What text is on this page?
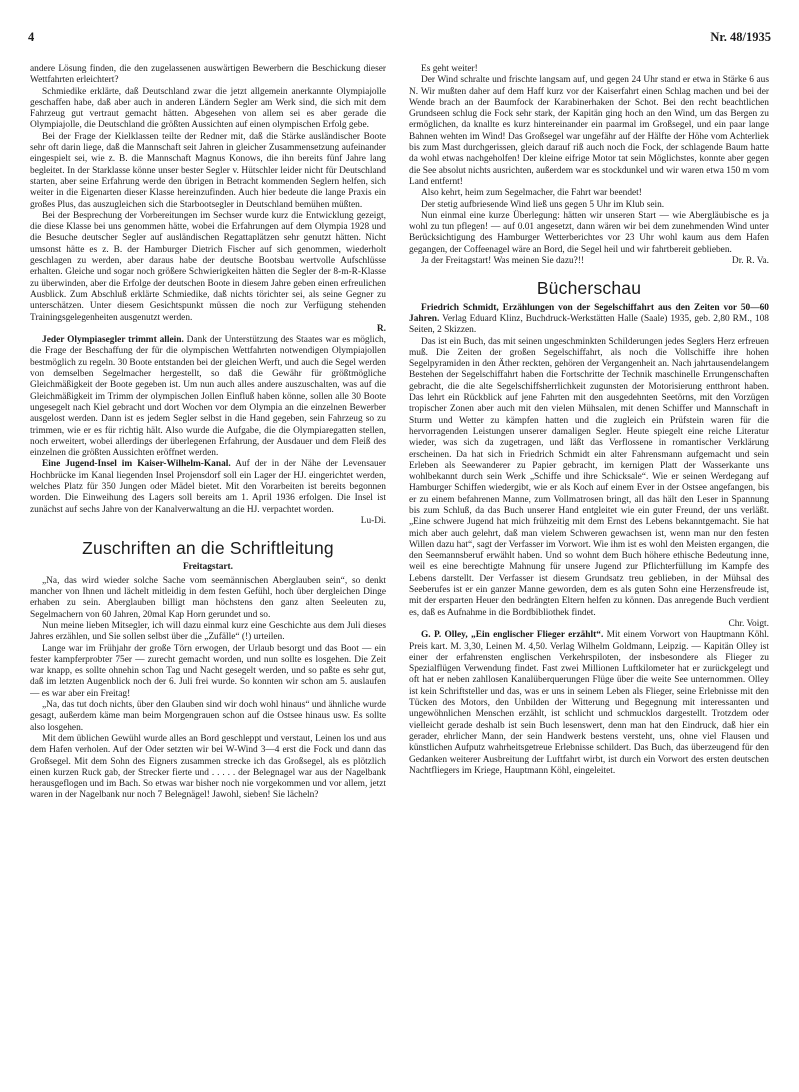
4	Nr. 48/1935

andere Lösung finden, die den zugelassenen auswärtigen Bewerbern die Beschickung dieser Wettfahrten erleichtert?

Schmiedike erklärte, daß Deutschland zwar die jetzt allgemein anerkannte Olympiajolle geschaffen habe, daß aber auch in anderen Ländern Segler am Werk sind, die sich mit dem Fahrzeug gut vertraut gemacht hätten. Abgesehen von allem sei es aber gerade die Olympiajolle, die Deutschland die größten Aussichten auf einen olympischen Erfolg gebe.

Bei der Frage der Kielklassen teilte der Redner mit, daß die Stärke ausländischer Boote sehr oft darin liege, daß die Mannschaft seit Jahren in gleicher Zusammensetzung aufeinander eingespielt sei, wie z. B. die Mannschaft Magnus Konows, die ihn bereits fünf Jahre lang begleitet. In der Starklasse könne unser bester Segler v. Hütschler leider nicht für Deutschland starten, aber seine Erfahrung werde den übrigen in Betracht kommenden Seglern helfen, sich weiter in die Eigenarten dieser Klasse hereinzufinden. Auch hier bedeute die lange Praxis ein großes Plus, das auszugleichen sich die Starbootsegler in Deutschland bemühen müßten.

Bei der Besprechung der Vorbereitungen im Sechser wurde kurz die Entwicklung gezeigt, die diese Klasse bei uns genommen hätte, wobei die Erfahrungen auf dem Olympia 1928 und die Besuche deutscher Segler auf ausländischen Regattaplätzen sehr genutzt hätten. Nicht umsonst hätte es z. B. der Hamburger Dietrich Fischer auf sich genommen, wiederholt geschlagen zu werden, aber daraus habe der deutsche Bootsbau wertvolle Aufschlüsse erhalten. Gleiche und sogar noch größere Schwierigkeiten hätten die Segler der 8-m-R-Klasse zu überwinden, aber die Erfolge der deutschen Boote in diesem Jahre geben einen erfreulichen Ausblick. Zum Abschluß erklärte Schmiedike, daß nichts törichter sei, als seine Gegner zu unterschätzen. Unter diesem Gesichtspunkt müssen die noch zur Verfügung stehenden Trainingsgelegenheiten ausgenutzt werden.

R.

Jeder Olympiasegler trimmt allein. Dank der Unterstützung des Staates war es möglich, die Frage der Beschaffung der für die olympischen Wettfahrten notwendigen Olympiajollen bestmöglich zu regeln. 30 Boote entstanden bei der gleichen Werft, und auch die Segel werden von demselben Segelmacher hergestellt, so daß die Gewähr für größtmögliche Gleichmäßigkeit der Boote gegeben ist. Um nun auch alles andere auszuschalten, was auf die Gleichmäßigkeit im Trimm der olympischen Jollen Einfluß haben könne, sollen alle 30 Boote ungesegelt nach Kiel gebracht und dort Wochen vor dem Olympia an die einzelnen Bewerber ausgelost werden. Dann ist es jedem Segler selbst in die Hand gegeben, sein Fahrzeug so zu trimmen, wie er es für richtig hält. Also wurde die Aufgabe, die die Olympiaregatten stellen, noch erweitert, wobei allerdings der überlegenen Erfahrung, der Ausdauer und dem Fleiß des einzelnen die größten Aussichten eröffnet werden.

Eine Jugend-Insel im Kaiser-Wilhelm-Kanal. Auf der in der Nähe der Levensauer Hochbrücke im Kanal liegenden Insel Projensdorf soll ein Lager der HJ. eingerichtet werden, welches Platz für 350 Jungen oder Mädel bietet. Mit den Vorarbeiten ist bereits begonnen worden. Die Einweihung des Lagers soll bereits am 1. April 1936 erfolgen. Die Insel ist zunächst auf sechs Jahre von der Kanalverwaltung an die HJ. verpachtet worden.

Lu-Di.
Zuschriften an die Schriftleitung
Freitagstart.

„Na, das wird wieder solche Sache vom seemännischen Aberglauben sein“, so denkt mancher von Ihnen und lächelt mitleidig in dem festen Gefühl, hoch über dergleichen Dinge erhaben zu sein. Aberglauben billigt man höchstens den ganz alten Seeleuten zu, Segelmachern von 60 Jahren, 20mal Kap Horn gerundet und so.

Nun meine lieben Mitsegler, ich will dazu einmal kurz eine Geschichte aus dem Juli dieses Jahres erzählen, und Sie sollen selbst über die „Zufälle“ (!) urteilen.

Lange war im Frühjahr der große Törn erwogen, der Urlaub besorgt und das Boot — ein fester kampferprobter 75er — zurecht gemacht worden, und nun sollte es losgehen. Die Zeit war knapp, es sollte ohnehin schon Tag und Nacht gesegelt werden, und so paßte es sehr gut, daß im letzten Augenblick noch der 6. Juli frei wurde. So konnten wir schon am 5. auslaufen — es war aber ein Freitag!

„Na, das tut doch nichts, über den Glauben sind wir doch wohl hinaus“ und ähnliche wurde gesagt, außerdem käme man beim Morgengrauen schon auf die Ostsee hinaus usw. Es sollte also losgehen.

Mit dem üblichen Gewühl wurde alles an Bord geschleppt und verstaut, Leinen los und aus dem Hafen verholen. Auf der Oder setzten wir bei W-Wind 3—4 erst die Fock und dann das Großsegel. Mit dem Sohn des Eigners zusammen strecke ich das Großsegel, als es plötzlich einen kurzen Ruck gab, der Strecker fierte und . . . . . der Belegnagel war aus der Nagelbank herausgeflogen und im Bach. So etwas war bisher noch nie vorgekommen und vor allem, jetzt waren in der Nagelbank nur noch 7 Belegnägel! Jawohl, sieben! Sie lächeln?

Es geht weiter!

Der Wind schralte und frischte langsam auf, und gegen 24 Uhr stand er etwa in Stärke 6 aus N. Wir mußten daher auf dem Haff kurz vor der Kaiserfahrt einen Schlag machen und bei der Wende brach an der Baumfock der Karabinerhaken der Schot. Bei den recht beachtlichen Grundseen schlug die Fock sehr stark, der Kapitän ging hoch an den Wind, um das Bergen zu ermöglichen, da knallte es kurz hintereinander ein paarmal im Großsegel, und ein paar lange Bahnen wehten im Wind! Das Großsegel war ungefähr auf der Hälfte der Höhe vom Achterliek bis zum Mast durchgerissen, gleich darauf riß auch noch die Fock, der schlagende Baum hatte da wohl etwas nachgeholfen! Der kleine eifrige Motor tat sein Möglichstes, konnte aber gegen die See absolut nichts ausrichten, außerdem war es stockdunkel und wir waren etwa 150 m vom Land entfernt!

Also kehrt, heim zum Segelmacher, die Fahrt war beendet!

Der stetig aufbriesende Wind ließ uns gegen 5 Uhr im Klub sein.

Nun einmal eine kurze Überlegung: hätten wir unseren Start — wie Abergläubische es ja wohl zu tun pflegen! — auf 0.01 angesetzt, dann wären wir bei dem zunehmenden Wind unter Berücksichtigung des Hamburger Wetterberichtes vor 23 Uhr wohl kaum aus dem Hafen gegangen, der Coffeenagel wäre an Bord, die Segel heil und wir fahrtbereit geblieben.

Ja der Freitagstart! Was meinen Sie dazu?!!	Dr. R. Va.

Bücherschau

Friedrich Schmidt, Erzählungen von der Segelschiffahrt aus den Zeiten vor 50—60 Jahren. Verlag Eduard Klinz, Buchdruck-Werkstätten Halle (Saale) 1935, geb. 2,80 RM., 108 Seiten, 2 Skizzen.

Das ist ein Buch, das mit seinen ungeschminkten Schilderungen jedes Seglers Herz erfreuen muß. Die Zeiten der großen Segelschiffahrt, als noch die Vollschiffe ihre hohen Segelpyramiden in den Äther reckten, gehören der Vergangenheit an. Nach jahrtausendelangem Bestehen der Segelschiffahrt haben die Fortschritte der Technik maschinelle Errungenschaften gebracht, die die alte Segelschiffsherrlichkeit zugunsten der Motorisierung entthront haben. Das lehrt ein Rückblick auf jene Fahrten mit den ausgedehnten Seetörns, mit den Vorzügen tropischer Zonen aber auch mit den vielen Mühsalen, mit denen Schiffer und Mannschaft in Sturm und Wetter zu kämpfen hatten und die zugleich ein Prüfstein waren für die hervorragenden Leistungen unserer damaligen Segler. Heute spiegelt eine reiche Literatur wieder, was sich da zugetragen, und läßt das Verflossene in romantischer Verklärung erscheinen. Da hat sich in Friedrich Schmidt ein alter Fahrensmann aufgemacht und sein Erleben als Seewanderer zu Papier gebracht, im kernigen Platt der Wasserkante uns wohlbekannt durch sein Werk „Schiffe und ihre Schicksale“. Wie er seinen Werdegang auf Hamburger Schiffen wiedergibt, wie er als Koch auf einem Ever in der Ostsee angefangen, bis er zu einem befahrenen Manne, zum Vollmatrosen bringt, all das hält den Leser in Spannung bis zum Schluß, da das Buch unserer Hand entgleitet wie ein guter Freund, der uns verläßt. „Eine schwere Jugend hat mich frühzeitig mit dem Ernst des Lebens bekanntgemacht. Sie hat mich aber auch gelehrt, daß man vielem Schweren gewachsen ist, wenn man nur den festen Willen dazu hat“, sagt der Verfasser im Vorwort. Wie ihm ist es wohl den Meisten ergangen, die den Seemannsberuf erwählt haben. Und so wohnt dem Buch höhere ethische Bedeutung inne, weil es eine berechtigte Mahnung für unsere Jugend zur Pflichterfüllung im Kampfe des Lebens darstellt. Der Verfasser ist diesem Grundsatz treu geblieben, in der Mühsal des Seeberufes ist er ein ganzer Manne geworden, dem es als guten Sohn eine Herzensfreude ist, mit der ersparten Heuer den bedrängten Eltern helfen zu können. Das anregende Buch verdient es, daß es Aufnahme in die Bordbibliothek findet.

Chr. Voigt.

G. P. Olley, „Ein englischer Flieger erzählt“. Mit einem Vorwort von Hauptmann Köhl. Preis kart. M. 3,30, Leinen M. 4,50. Verlag Wilhelm Goldmann, Leipzig. — Kapitän Olley ist einer der erfahrensten englischen Verkehrspiloten, der insbesondere als Flieger zu Spezialflügen Verwendung findet. Fast zwei Millionen Luftkilometer hat er zurückgelegt und oft hat er neben zahllosen Kanalüberquerungen Flüge über die weite See unternommen. Olley ist kein Schriftsteller und das, was er uns in seinem Leben als Flieger, seine Erlebnisse mit den Tücken des Motors, den Unbilden der Witterung und Begegnung mit interessanten und ungewöhnlichen Menschen erzählt, ist schlicht und schmucklos dargestellt. Trotzdem oder vielleicht gerade deshalb ist sein Buch lesenswert, denn man hat den Eindruck, daß hier ein gerader, ehrlicher Mann, der sein Handwerk bestens versteht, uns, ohne viel Flausen und künstlichen Aufputz wahrheitsgetreue Erlebnisse schildert. Das Buch, das überzeugend für den Gedanken weiterer Ausbreitung der Luftfahrt wirbt, ist durch ein Vorwort des ersten deutschen Nachtfliegers im Kriege, Hauptmann Köhl, eingeleitet.
